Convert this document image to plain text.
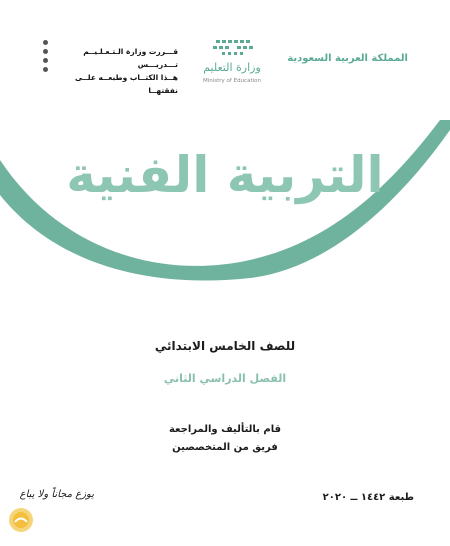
المملكة العربية السعودية
وزارة التعليم
Ministry of Education
قـــررت وزارة الـتـعـلـيــم تـــدريـــس
هــذا الكتــاب وطبعــه علــى نفقتهــا
التربية الفنية
للصف الخامس الابتدائي
الفصل الدراسي الثاني
قام بالتأليف والمراجعة
فريق من المتخصصين
طبعة ١٤٤٢ ــ ٢٠٢٠
يوزع مجاناً ولا يباع
